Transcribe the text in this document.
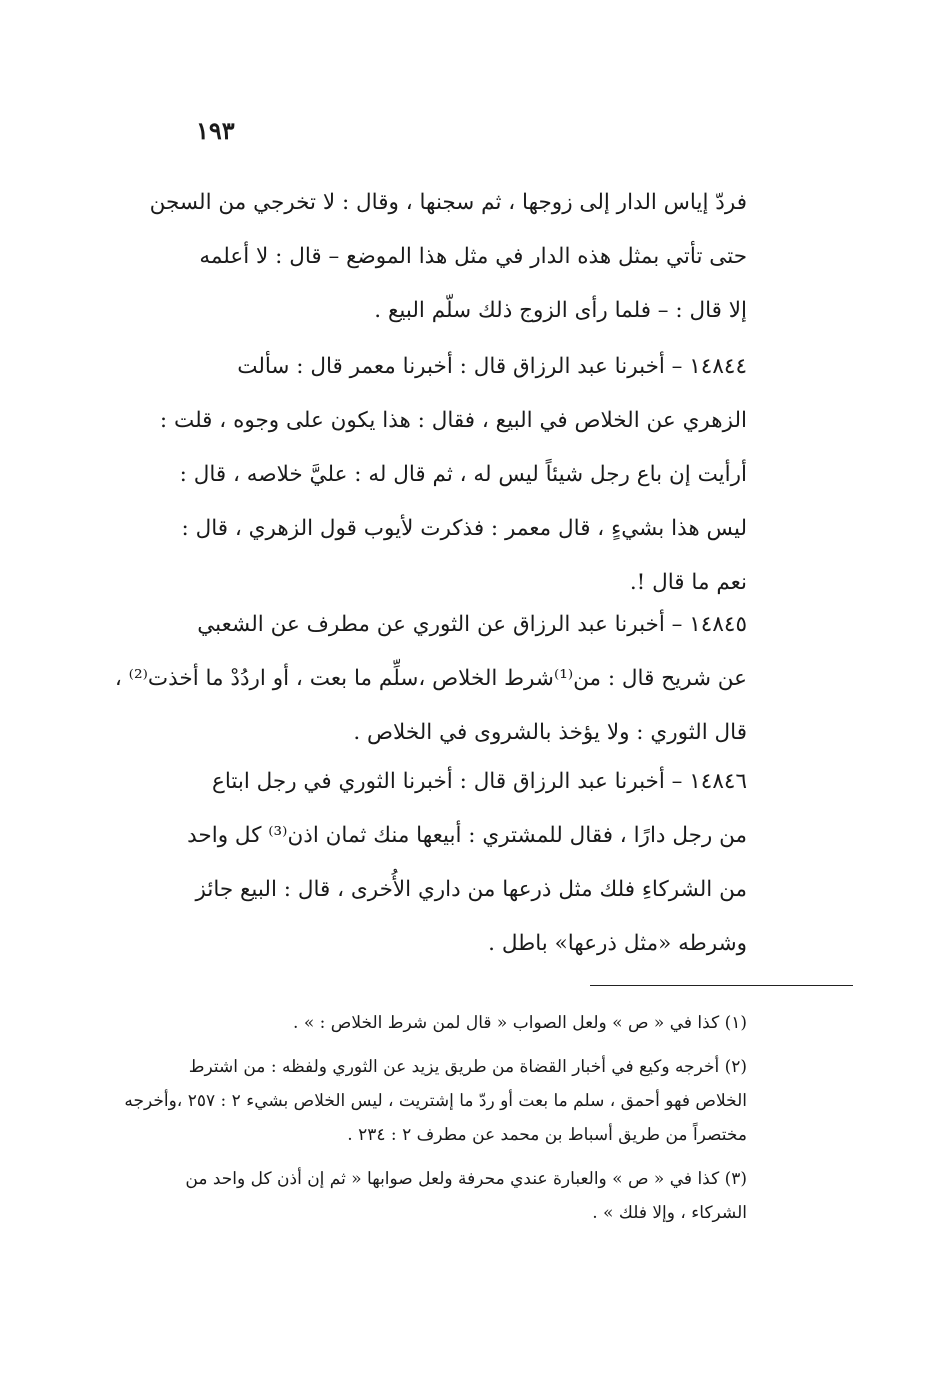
١٩٣
فردّ إياس الدار إلى زوجها ، ثم سجنها ، وقال : لا تخرجي من السجن
حتى تأتي بمثل هذه الدار في مثل هذا الموضع – قال : لا أعلمه
إلا قال : – فلما رأى الزوج ذلك سلّم البيع .
١٤٨٤٤ – أخبرنا عبد الرزاق قال : أخبرنا معمر قال : سألت
الزهري عن الخلاص في البيع ، فقال : هذا يكون على وجوه ، قلت :
أرأيت إن باع رجل شيئاً ليس له ، ثم قال له : عليَّ خلاصه ، قال :
ليس هذا بشيءٍ ، قال معمر : فذكرت لأيوب قول الزهري ، قال :
نعم ما قال !.
١٤٨٤٥ – أخبرنا عبد الرزاق عن الثوري عن مطرف عن الشعبي
عن شريح قال : من⁽¹⁾شرط الخلاص ،سلِّم ما بعت ، أو اردُدْ ما أخذت⁽²⁾ ،
قال الثوري : ولا يؤخذ بالشروى في الخلاص .
١٤٨٤٦ – أخبرنا عبد الرزاق قال : أخبرنا الثوري في رجل ابتاع
من رجل دارًا ، فقال للمشتري : أبيعها منك ثمان اذن⁽³⁾ كل واحد
من الشركاءِ فلك مثل ذرعها من داري الأُخرى ، قال : البيع جائز
وشرطه «مثل ذرعها» باطل .
(١) كذا في « ص » ولعل الصواب « قال لمن شرط الخلاص : » .
(٢) أخرجه وكيع في أخبار القضاة من طريق يزيد عن الثوري ولفظه : من اشترط
الخلاص فهو أحمق ، سلم ما بعت أو ردّ ما إشتريت ، ليس الخلاص بشيء ٢ : ٢٥٧ ،وأخرجه
مختصراً من طريق أسباط بن محمد عن مطرف ٢ : ٢٣٤ .
(٣) كذا في « ص » والعبارة عندي محرفة ولعل صوابها « ثم إن أذن كل واحد من
الشركاء ، وإلا فلك » .
